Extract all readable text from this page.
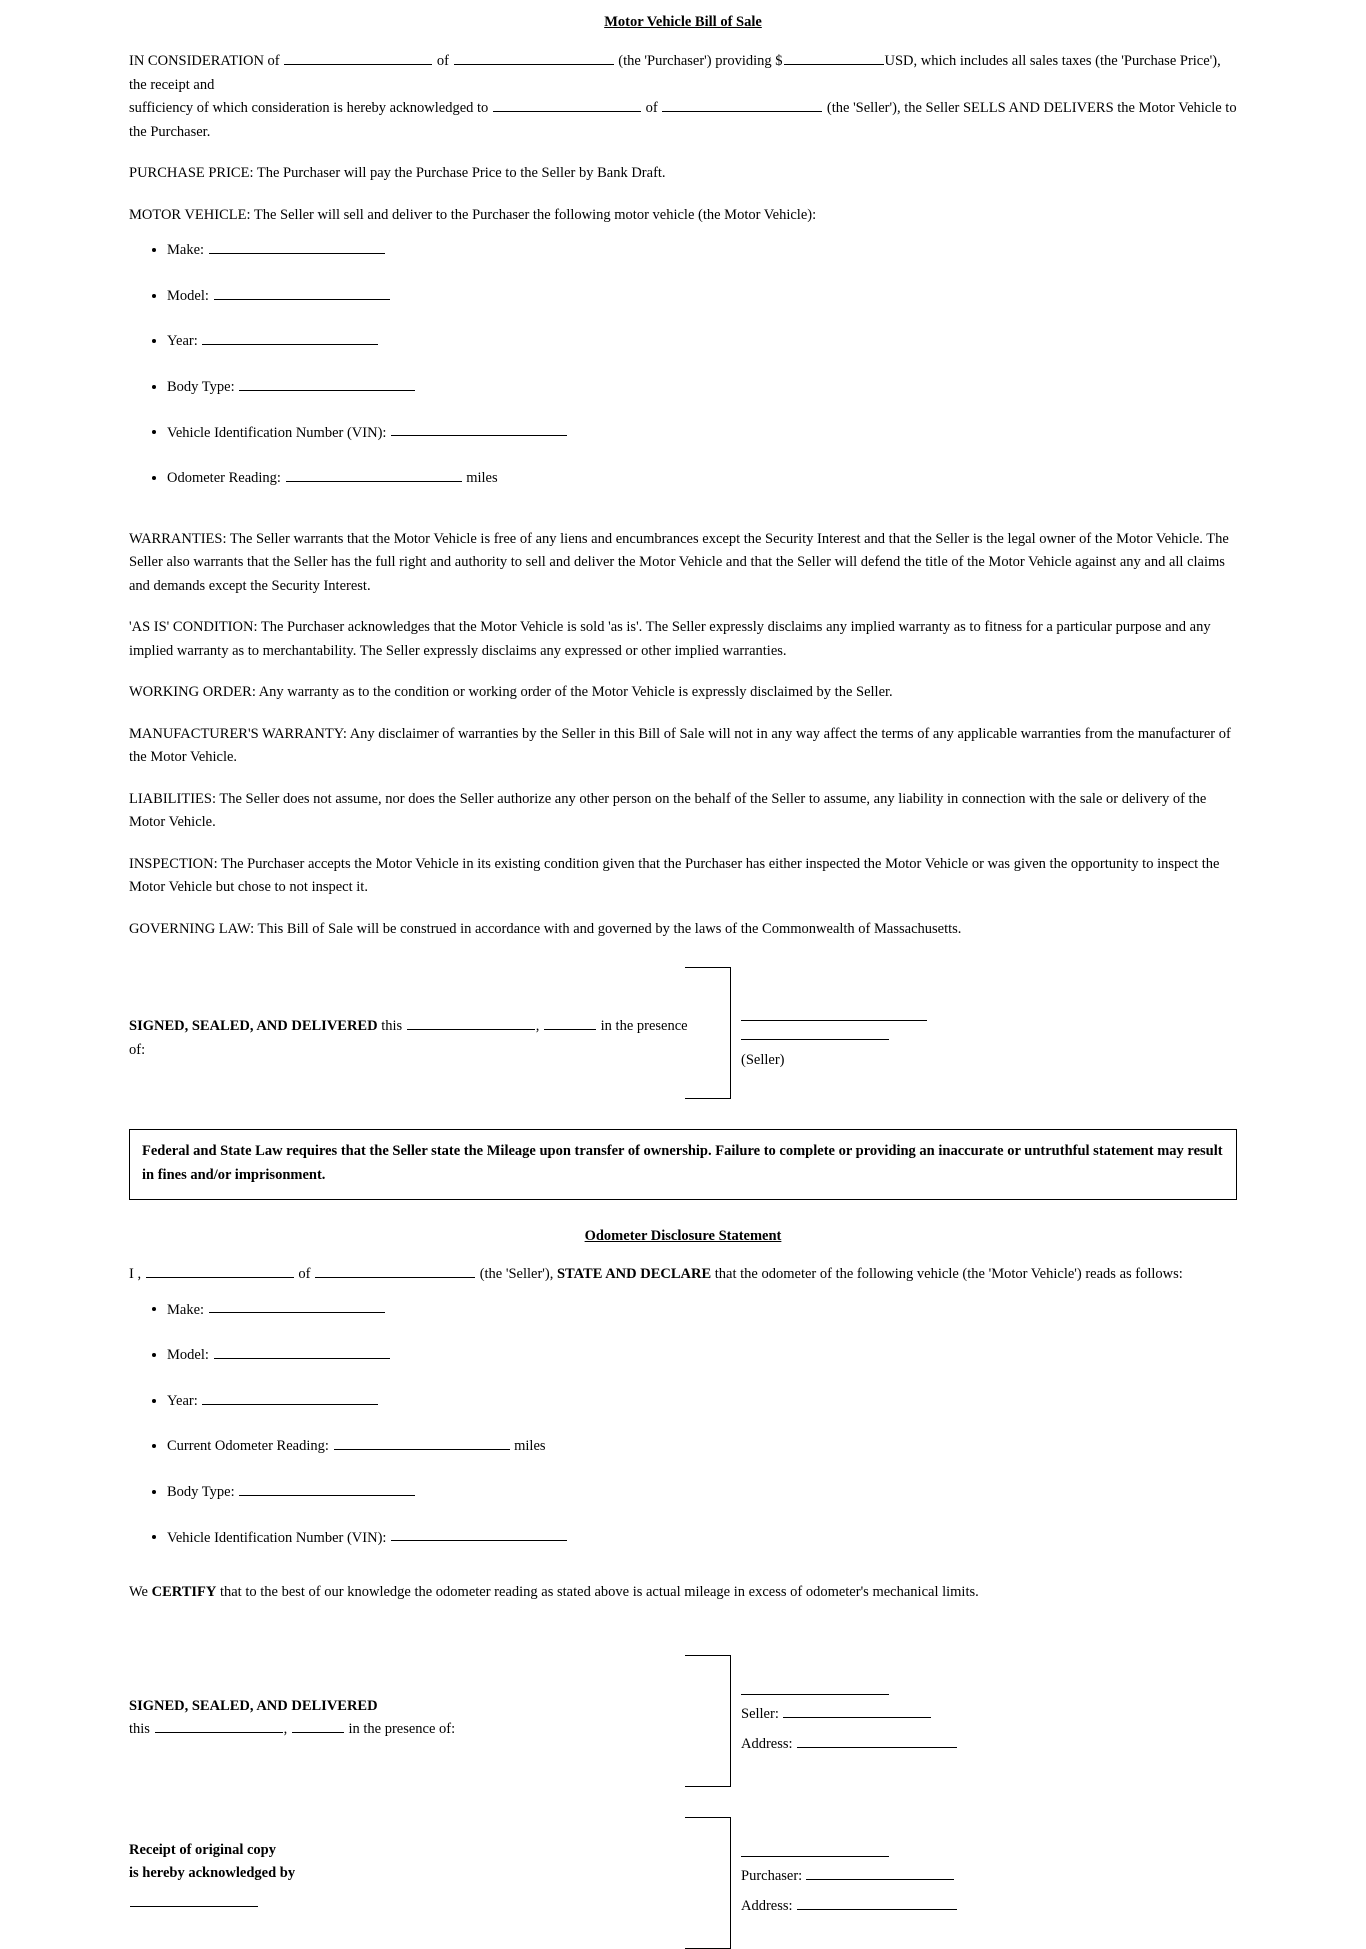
Motor Vehicle Bill of Sale

IN CONSIDERATION of	of	(the 'Purchaser') providing $	USD, which includes all sales taxes (the 'Purchase Price'), the receipt and
sufficiency of which consideration is hereby acknowledged to	of	(the 'Seller'), the Seller SELLS AND DELIVERS the Motor Vehicle to the Purchaser.

PURCHASE PRICE: The Purchaser will pay the Purchase Price to the Seller by Bank Draft.

MOTOR VEHICLE: The Seller will sell and deliver to the Purchaser the following motor vehicle (the Motor Vehicle):

• Make:
• Model:
• Year:
• Body Type:
• Vehicle Identification Number (VIN):
• Odometer Reading:	miles

WARRANTIES: The Seller warrants that the Motor Vehicle is free of any liens and encumbrances except the Security Interest and that the Seller is the legal owner of the Motor Vehicle. The Seller also warrants that the Seller has the full right and authority to sell and deliver the Motor Vehicle and that the Seller will defend the title of the Motor Vehicle against any and all claims and demands except the Security Interest.

'AS IS' CONDITION: The Purchaser acknowledges that the Motor Vehicle is sold 'as is'. The Seller expressly disclaims any implied warranty as to fitness for a particular purpose and any implied warranty as to merchantability. The Seller expressly disclaims any expressed or other implied warranties.

WORKING ORDER: Any warranty as to the condition or working order of the Motor Vehicle is expressly disclaimed by the Seller.

MANUFACTURER'S WARRANTY: Any disclaimer of warranties by the Seller in this Bill of Sale will not in any way affect the terms of any applicable warranties from the manufacturer of the Motor Vehicle.

LIABILITIES: The Seller does not assume, nor does the Seller authorize any other person on the behalf of the Seller to assume, any liability in connection with the sale or delivery of the Motor Vehicle.

INSPECTION: The Purchaser accepts the Motor Vehicle in its existing condition given that the Purchaser has either inspected the Motor Vehicle or was given the opportunity to inspect the Motor Vehicle but chose to not inspect it.

GOVERNING LAW: This Bill of Sale will be construed in accordance with and governed by the laws of the Commonwealth of Massachusetts.

SIGNED, SEALED, AND DELIVERED this	,	in the presence of:
(Seller)
Federal and State Law requires that the Seller state the Mileage upon transfer of ownership. Failure to complete or providing an inaccurate or untruthful statement may result in fines and/or imprisonment.
Odometer Disclosure Statement

I ,	of	(the 'Seller'), STATE AND DECLARE that the odometer of the following vehicle (the 'Motor Vehicle') reads as follows:

• Make:
• Model:
• Year:
• Current Odometer Reading:	miles
• Body Type:
• Vehicle Identification Number (VIN):

We CERTIFY that to the best of our knowledge the odometer reading as stated above is actual mileage in excess of odometer's mechanical limits.

SIGNED, SEALED, AND DELIVERED
this	,	in the presence of:
Seller:
Address:
Receipt of original copy
is hereby acknowledged by	Purchaser:
Address:
